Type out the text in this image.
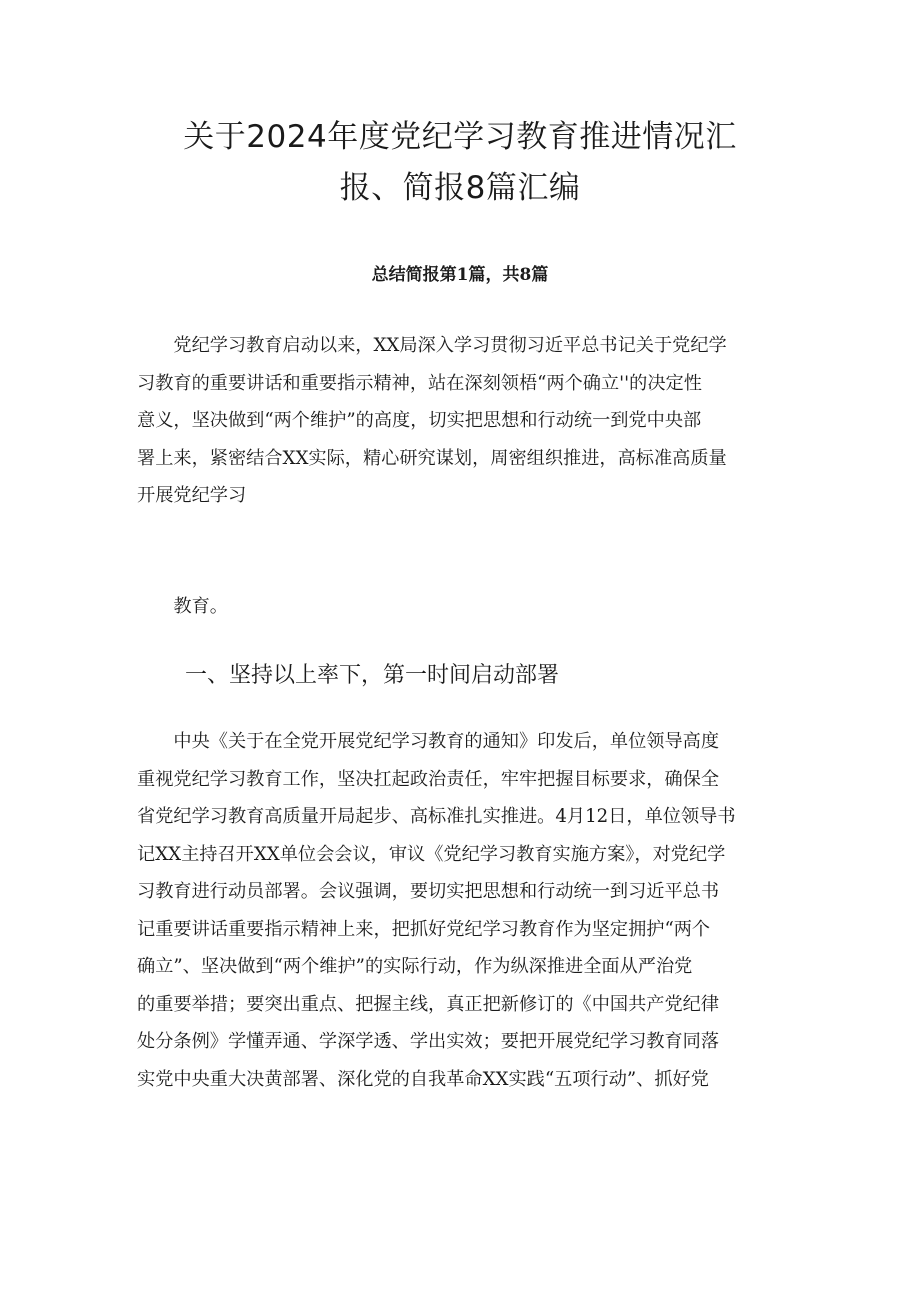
关于2024年度党纪学习教育推进情况汇
报、简报8篇汇编
总结简报第1篇，共8篇
党纪学习教育启动以来，XX局深入学习贯彻习近平总书记关于党纪学
习教育的重要讲话和重要指示精神，站在深刻领梧“两个确立''的决定性
意义，坚决做到“两个维护”的高度，切实把思想和行动统一到党中央部
署上来，紧密结合XX实际，精心研究谋划，周密组织推进，高标准高质量
开展党纪学习
教育。
一、坚持以上率下，第一时间启动部署
中央《关于在全党开展党纪学习教育的通知》印发后，单位领导高度
重视党纪学习教育工作，坚决扛起政治责任，牢牢把握目标要求，确保全
省党纪学习教育高质量开局起步、高标准扎实推进。4月12日，单位领导书
记XX主持召开XX单位会会议，审议《党纪学习教育实施方案》，对党纪学
习教育进行动员部署。会议强调，要切实把思想和行动统一到习近平总书
记重要讲话重要指示精神上来，把抓好党纪学习教育作为坚定拥护“两个
确立”、坚决做到“两个维护”的实际行动，作为纵深推进全面从严治党
的重要举措；要突出重点、把握主线，真正把新修订的《中国共产党纪律
处分条例》学懂弄通、学深学透、学出实效；要把开展党纪学习教育同落
实党中央重大决黄部署、深化党的自我革命XX实践“五项行动”、抓好党
